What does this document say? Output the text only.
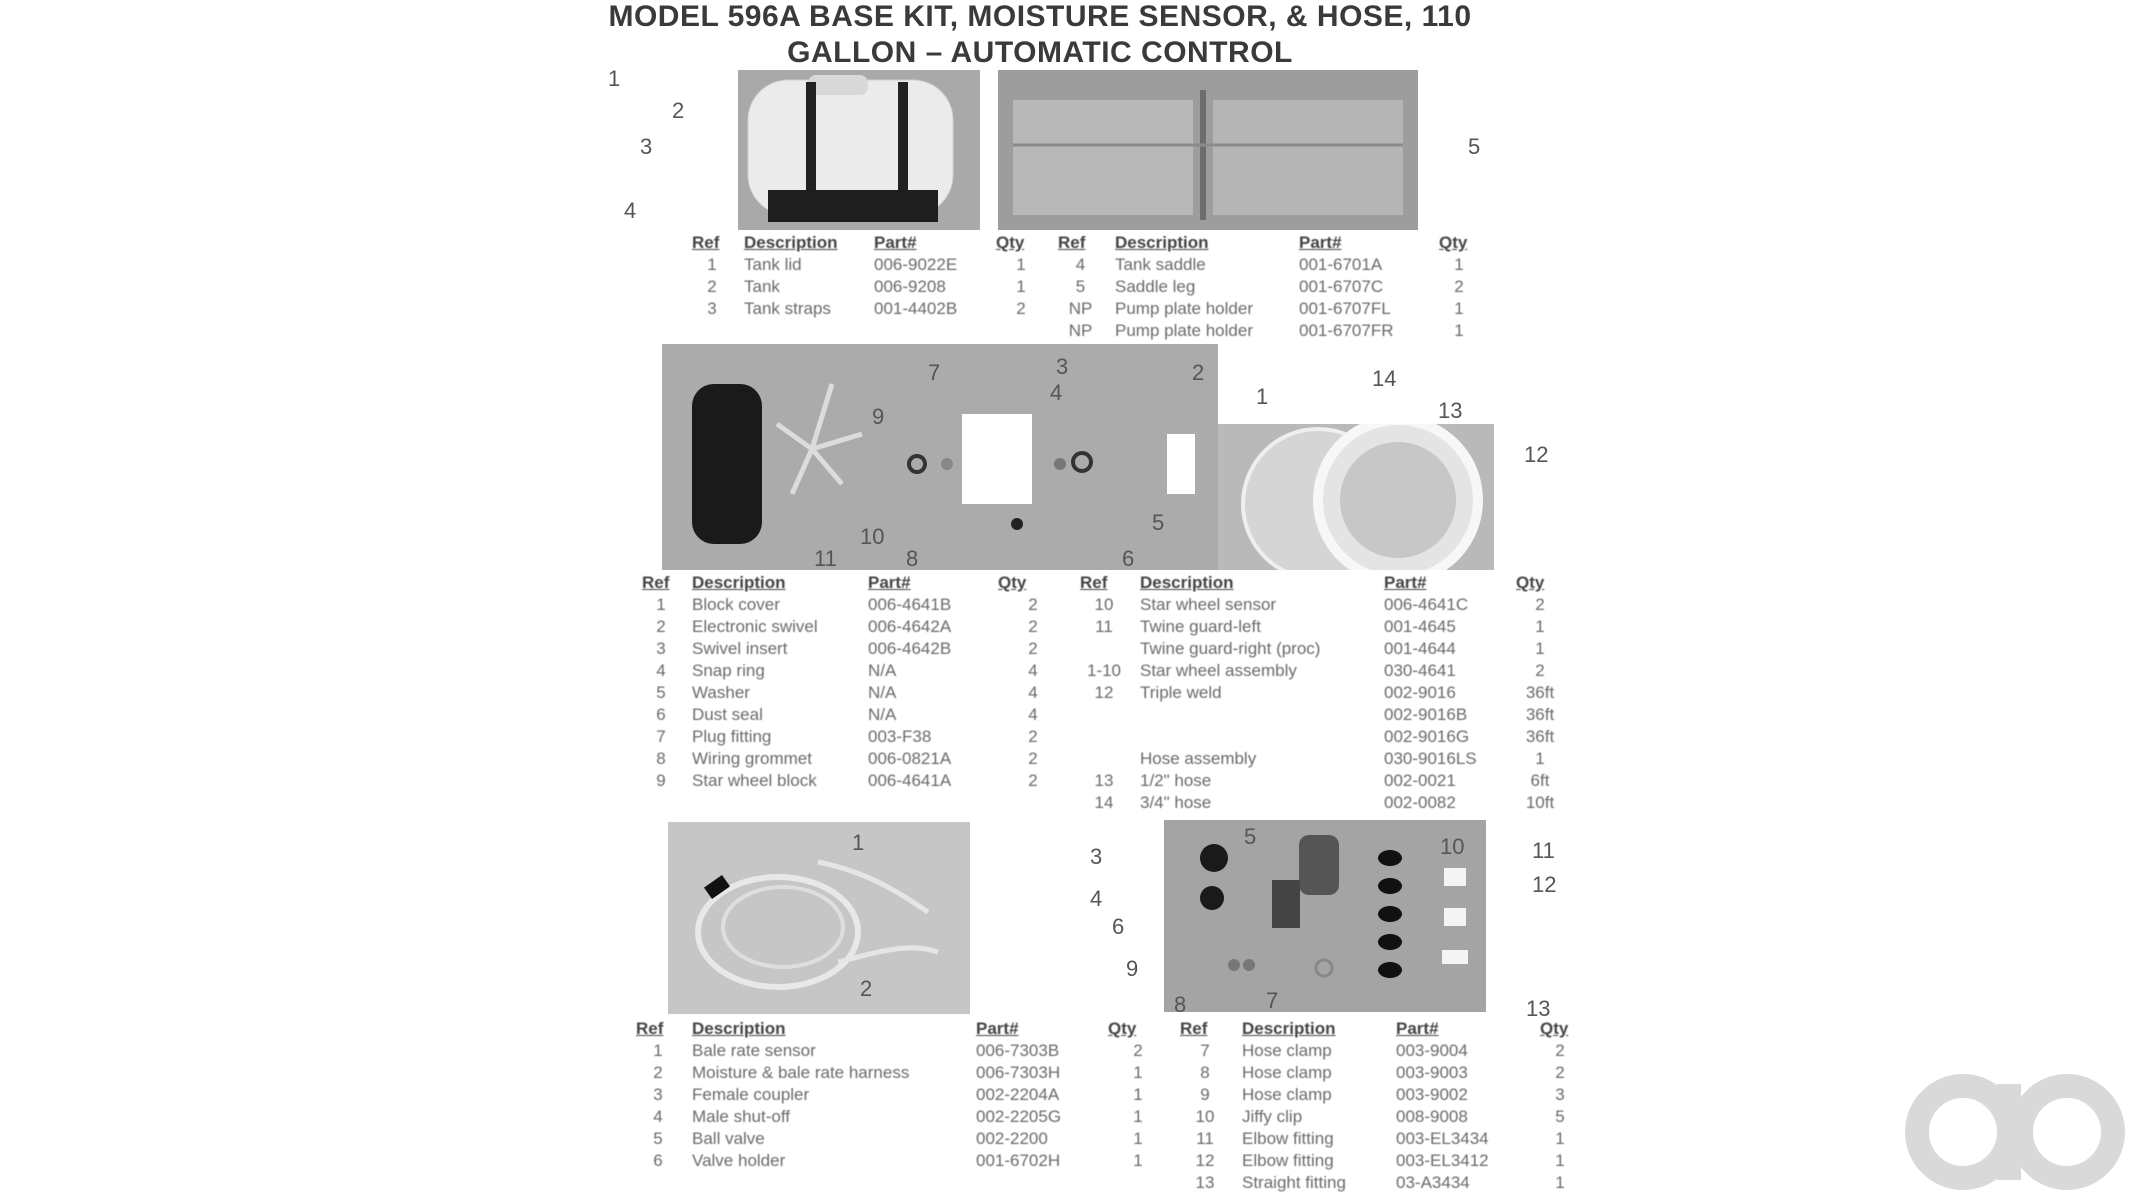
MODEL 596A BASE KIT, MOISTURE SENSOR, & HOSE, 110
GALLON – AUTOMATIC CONTROL
1
2
3
4
5
Ref	Description	Part#	Qty	Ref	Description	Part#	Qty
1	Tank lid	006-9022E	1	4	Tank saddle	001-6701A	1
2	Tank	006-9208	1	5	Saddle leg	001-6707C	2
3	Tank straps	001-4402B	2	NP	Pump plate holder	001-6707FL	1
				NP	Pump plate holder	001-6707FR	1
7	3	2
1
9
4
14
13
12
10
5
11	8	6
Ref	Description	Part#	Qty	Ref	Description	Part#	Qty
1	Block cover	006-4641B	2	10	Star wheel sensor	006-4641C	2
2	Electronic swivel	006-4642A	2	11	Twine guard-left	001-4645	1
3	Swivel insert	006-4642B	2		Twine guard-right (proc)	001-4644	1
4	Snap ring	N/A	4	1-10	Star wheel assembly	030-4641	2
5	Washer	N/A	4	12	Triple weld	002-9016	36ft
6	Dust seal	N/A	4			002-9016B	36ft
7	Plug fitting	003-F38	2			002-9016G	36ft
8	Wiring grommet	006-0821A	2		Hose assembly	030-9016LS	1
9	Star wheel block	006-4641A	2	13	1/2" hose	002-0021	6ft
				14	3/4" hose	002-0082	10ft
1
2
5
3	10	11
4
12
6
9
8	7	13
Ref	Description	Part#	Qty	Ref	Description	Part#	Qty
1	Bale rate sensor	006-7303B	2	7	Hose clamp	003-9004	2
2	Moisture & bale rate harness	006-7303H	1	8	Hose clamp	003-9003	2
3	Female coupler	002-2204A	1	9	Hose clamp	003-9002	3
4	Male shut-off	002-2205G	1	10	Jiffy clip	008-9008	5
5	Ball valve	002-2200	1	11	Elbow fitting	003-EL3434	1
6	Valve holder	001-6702H	1	12	Elbow fitting	003-EL3412	1
				13	Straight fitting	03-A3434	1
